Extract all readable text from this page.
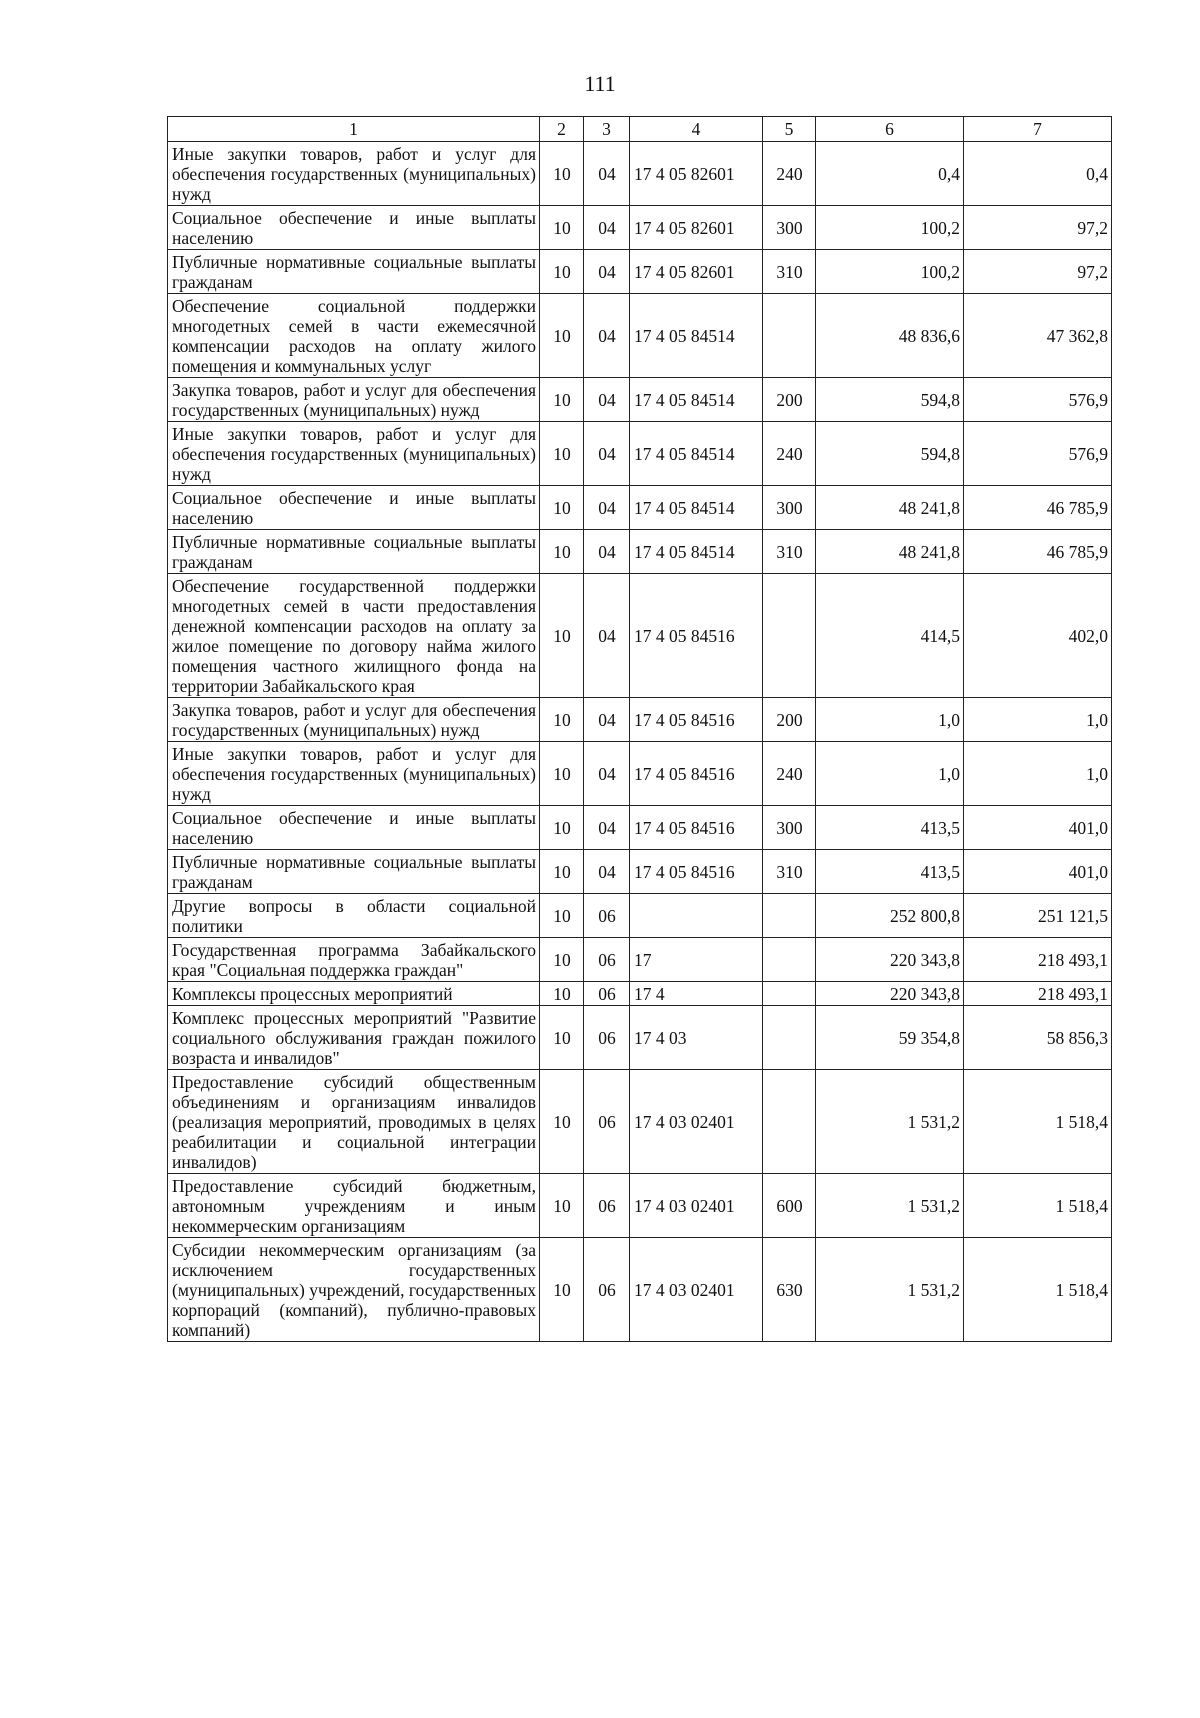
111
1	2	3	4	5	6	7
Иные закупки товаров, работ и услуг для обеспечения государственных (муниципальных) нужд	10	04	17 4 05 82601	240	0,4	0,4
Социальное обеспечение и иные выплаты населению	10	04	17 4 05 82601	300	100,2	97,2
Публичные нормативные социальные выплаты гражданам	10	04	17 4 05 82601	310	100,2	97,2
Обеспечение социальной поддержки многодетных семей в части ежемесячной компенсации расходов на оплату жилого помещения и коммунальных услуг	10	04	17 4 05 84514		48 836,6	47 362,8
Закупка товаров, работ и услуг для обеспечения государственных (муниципальных) нужд	10	04	17 4 05 84514	200	594,8	576,9
Иные закупки товаров, работ и услуг для обеспечения государственных (муниципальных) нужд	10	04	17 4 05 84514	240	594,8	576,9
Социальное обеспечение и иные выплаты населению	10	04	17 4 05 84514	300	48 241,8	46 785,9
Публичные нормативные социальные выплаты гражданам	10	04	17 4 05 84514	310	48 241,8	46 785,9
Обеспечение государственной поддержки многодетных семей в части предоставления денежной компенсации расходов на оплату за жилое помещение по договору найма жилого помещения частного жилищного фонда на территории Забайкальского края	10	04	17 4 05 84516		414,5	402,0
Закупка товаров, работ и услуг для обеспечения государственных (муниципальных) нужд	10	04	17 4 05 84516	200	1,0	1,0
Иные закупки товаров, работ и услуг для обеспечения государственных (муниципальных) нужд	10	04	17 4 05 84516	240	1,0	1,0
Социальное обеспечение и иные выплаты населению	10	04	17 4 05 84516	300	413,5	401,0
Публичные нормативные социальные выплаты гражданам	10	04	17 4 05 84516	310	413,5	401,0
Другие вопросы в области социальной политики	10	06			252 800,8	251 121,5
Государственная программа Забайкальского края "Социальная поддержка граждан"	10	06	17		220 343,8	218 493,1
Комплексы процессных мероприятий	10	06	17 4		220 343,8	218 493,1
Комплекс процессных мероприятий "Развитие социального обслуживания граждан пожилого возраста и инвалидов"	10	06	17 4 03		59 354,8	58 856,3
Предоставление субсидий общественным объединениям и организациям инвалидов (реализация мероприятий, проводимых в целях реабилитации и социальной интеграции инвалидов)	10	06	17 4 03 02401		1 531,2	1 518,4
Предоставление субсидий бюджетным, автономным учреждениям и иным некоммерческим организациям	10	06	17 4 03 02401	600	1 531,2	1 518,4
Субсидии некоммерческим организациям (за исключением государственных (муниципальных) учреждений, государственных корпораций (компаний), публично-правовых компаний)	10	06	17 4 03 02401	630	1 531,2	1 518,4
